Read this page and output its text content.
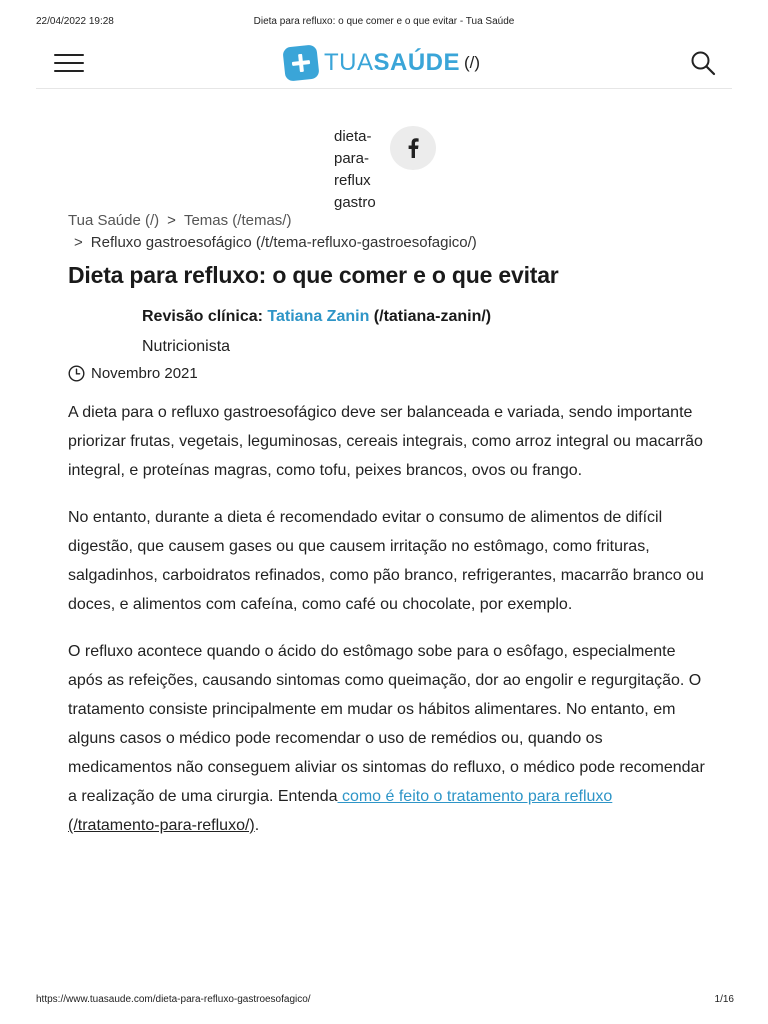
22/04/2022 19:28	Dieta para refluxo: o que comer e o que evitar - Tua Saúde
TUASAÚDE (/)
dieta-
para-
reflux
gastro
Tua Saúde (/) > Temas (/temas/)
> Refluxo gastroesofágico (/t/tema-refluxo-gastroesofagico/)
Dieta para refluxo: o que comer e o que evitar
Revisão clínica: Tatiana Zanin (/tatiana-zanin/)
Nutricionista
Novembro 2021

A dieta para o refluxo gastroesofágico deve ser balanceada e variada, sendo importante priorizar frutas, vegetais, leguminosas, cereais integrais, como arroz integral ou macarrão integral, e proteínas magras, como tofu, peixes brancos, ovos ou frango.

No entanto, durante a dieta é recomendado evitar o consumo de alimentos de difícil digestão, que causem gases ou que causem irritação no estômago, como frituras, salgadinhos, carboidratos refinados, como pão branco, refrigerantes, macarrão branco ou doces, e alimentos com cafeína, como café ou chocolate, por exemplo.

O refluxo acontece quando o ácido do estômago sobe para o esôfago, especialmente após as refeições, causando sintomas como queimação, dor ao engolir e regurgitação. O tratamento consiste principalmente em mudar os hábitos alimentares. No entanto, em alguns casos o médico pode recomendar o uso de remédios ou, quando os medicamentos não conseguem aliviar os sintomas do refluxo, o médico pode recomendar a realização de uma cirurgia. Entenda como é feito o tratamento para refluxo (/tratamento-para-refluxo/).

https://www.tuasaude.com/dieta-para-refluxo-gastroesofagico/	1/16
